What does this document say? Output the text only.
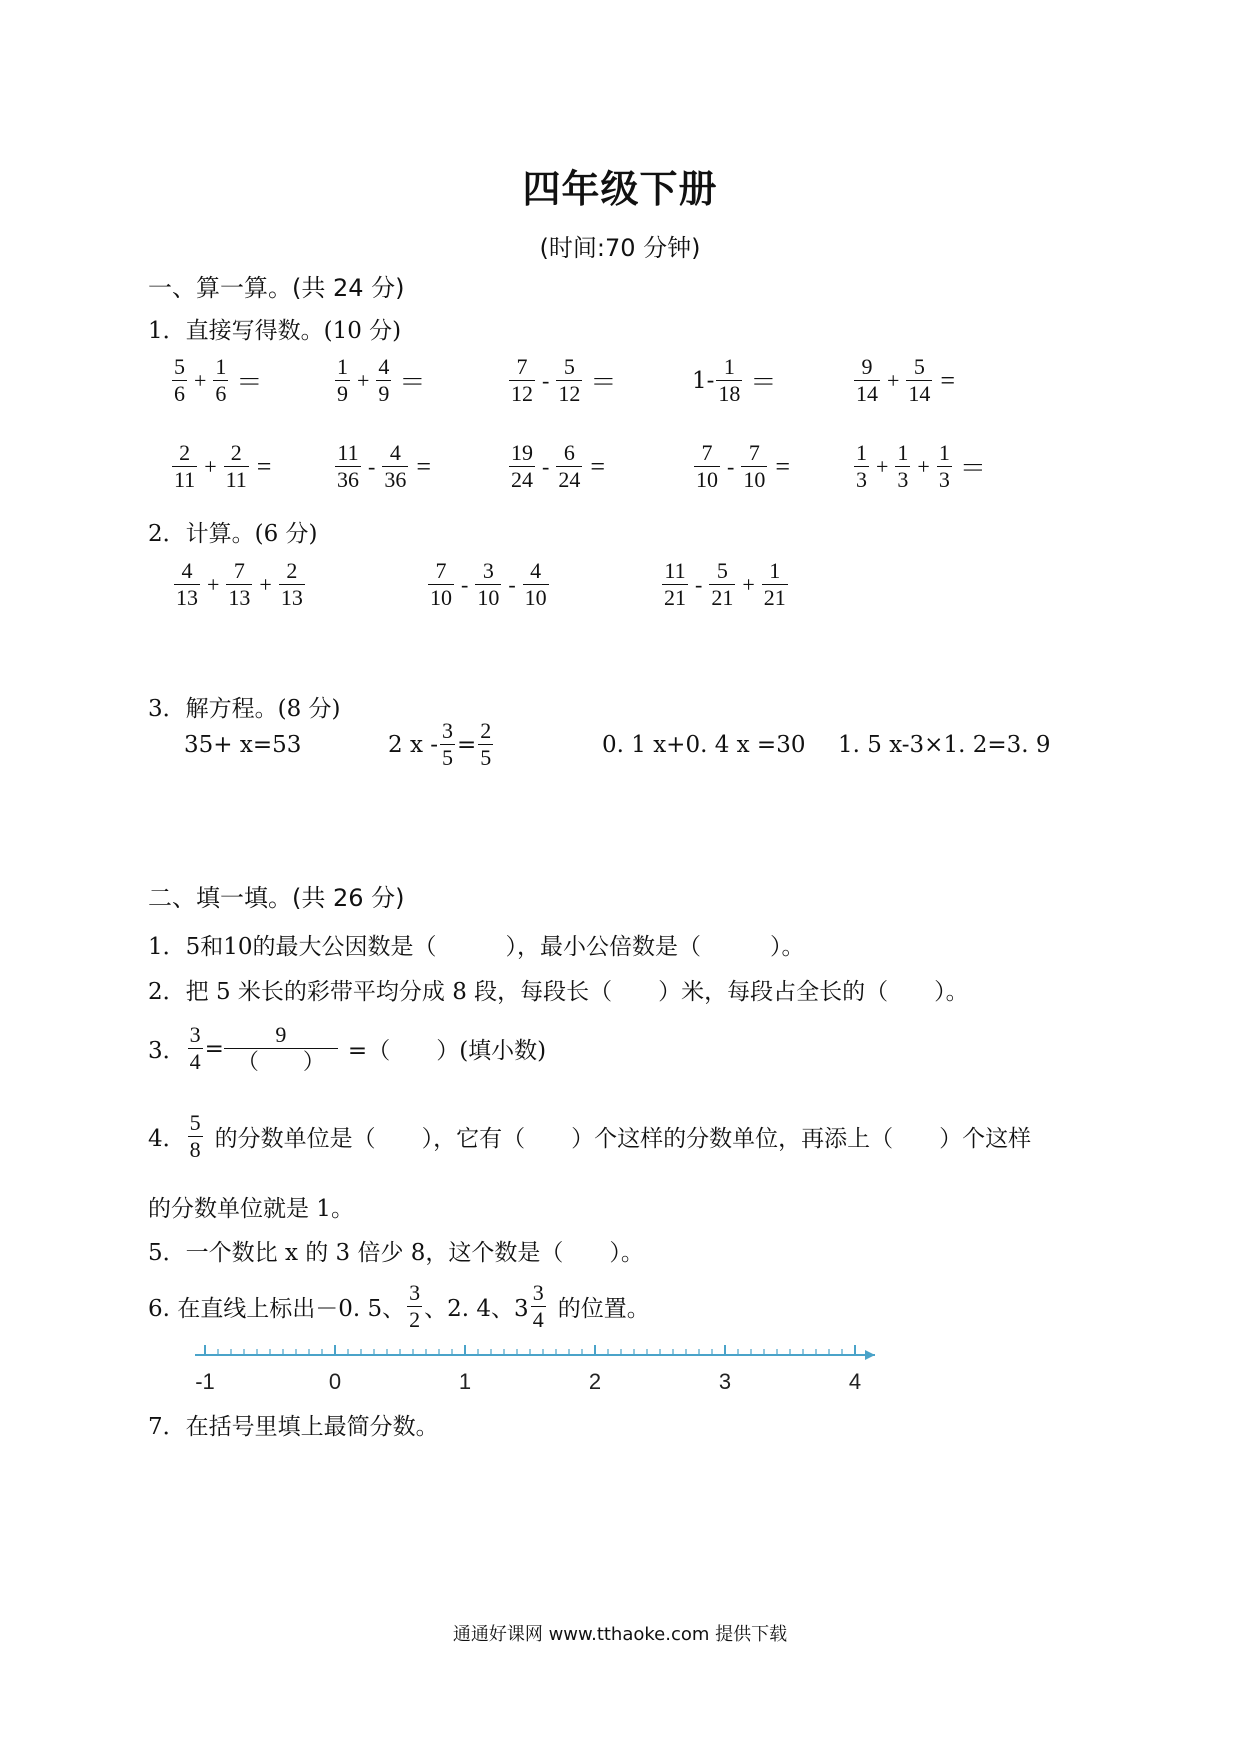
四年级下册
(时间:70 分钟)
一、算一算。(共 24 分)
1．直接写得数。(10 分)
2．计算。(6 分)
3．解方程。(8 分)
35+ x=53	2 $x - \frac{3}{5} = \frac{2}{5}$	0. 1 x+0. 4 x =30 1. 5 x-3×1. 2=3. 9
二、填一填。(共 26 分)
1．5和10的最大公因数是（　　　），最小公倍数是（　　　）。
2．把 5 米长的彩带平均分成 8 段，每段长（　　）米，每段占全长的（　　）。
3． $\frac{3}{4} = \frac{9}{( )}$ =（　　）(填小数)
4． $\frac{5}{8}$ 的分数单位是（　　），它有（　　）个这样的分数单位，再添上（　　）个这样
的分数单位就是 1。
5．一个数比 x 的 3 倍少 8，这个数是（　　）。
6. 在直线上标出－0. 5、 $\frac{3}{2}$ 、2. 4、$3 \frac{3}{4}$ 的位置。
-1	0	1	2	3	4
7．在括号里填上最简分数。
通通好课网 www.tthaoke.com 提供下载
$\frac{5}{6} + \frac{1}{6}$ ＝	$\frac{1}{9} + \frac{4}{9}$ ＝	$\frac{7}{12} - \frac{5}{12}$ ＝	$1- \frac{1}{18}$ ＝	$\frac{9}{14} + \frac{5}{14}$ =
$\frac{2}{11} + \frac{2}{11}$ =	$\frac{11}{36} - \frac{4}{36}$ =	$\frac{19}{24} - \frac{6}{24}$ =	$\frac{7}{10} - \frac{7}{10}$ =	$\frac{1}{3} + \frac{1}{3} + \frac{1}{3}$ ＝
$\frac{4}{13} + \frac{7}{13} + \frac{2}{13}$	$\frac{7}{10} - \frac{3}{10} - \frac{4}{10}$	$\frac{11}{21} - \frac{5}{21} + \frac{1}{21}$
